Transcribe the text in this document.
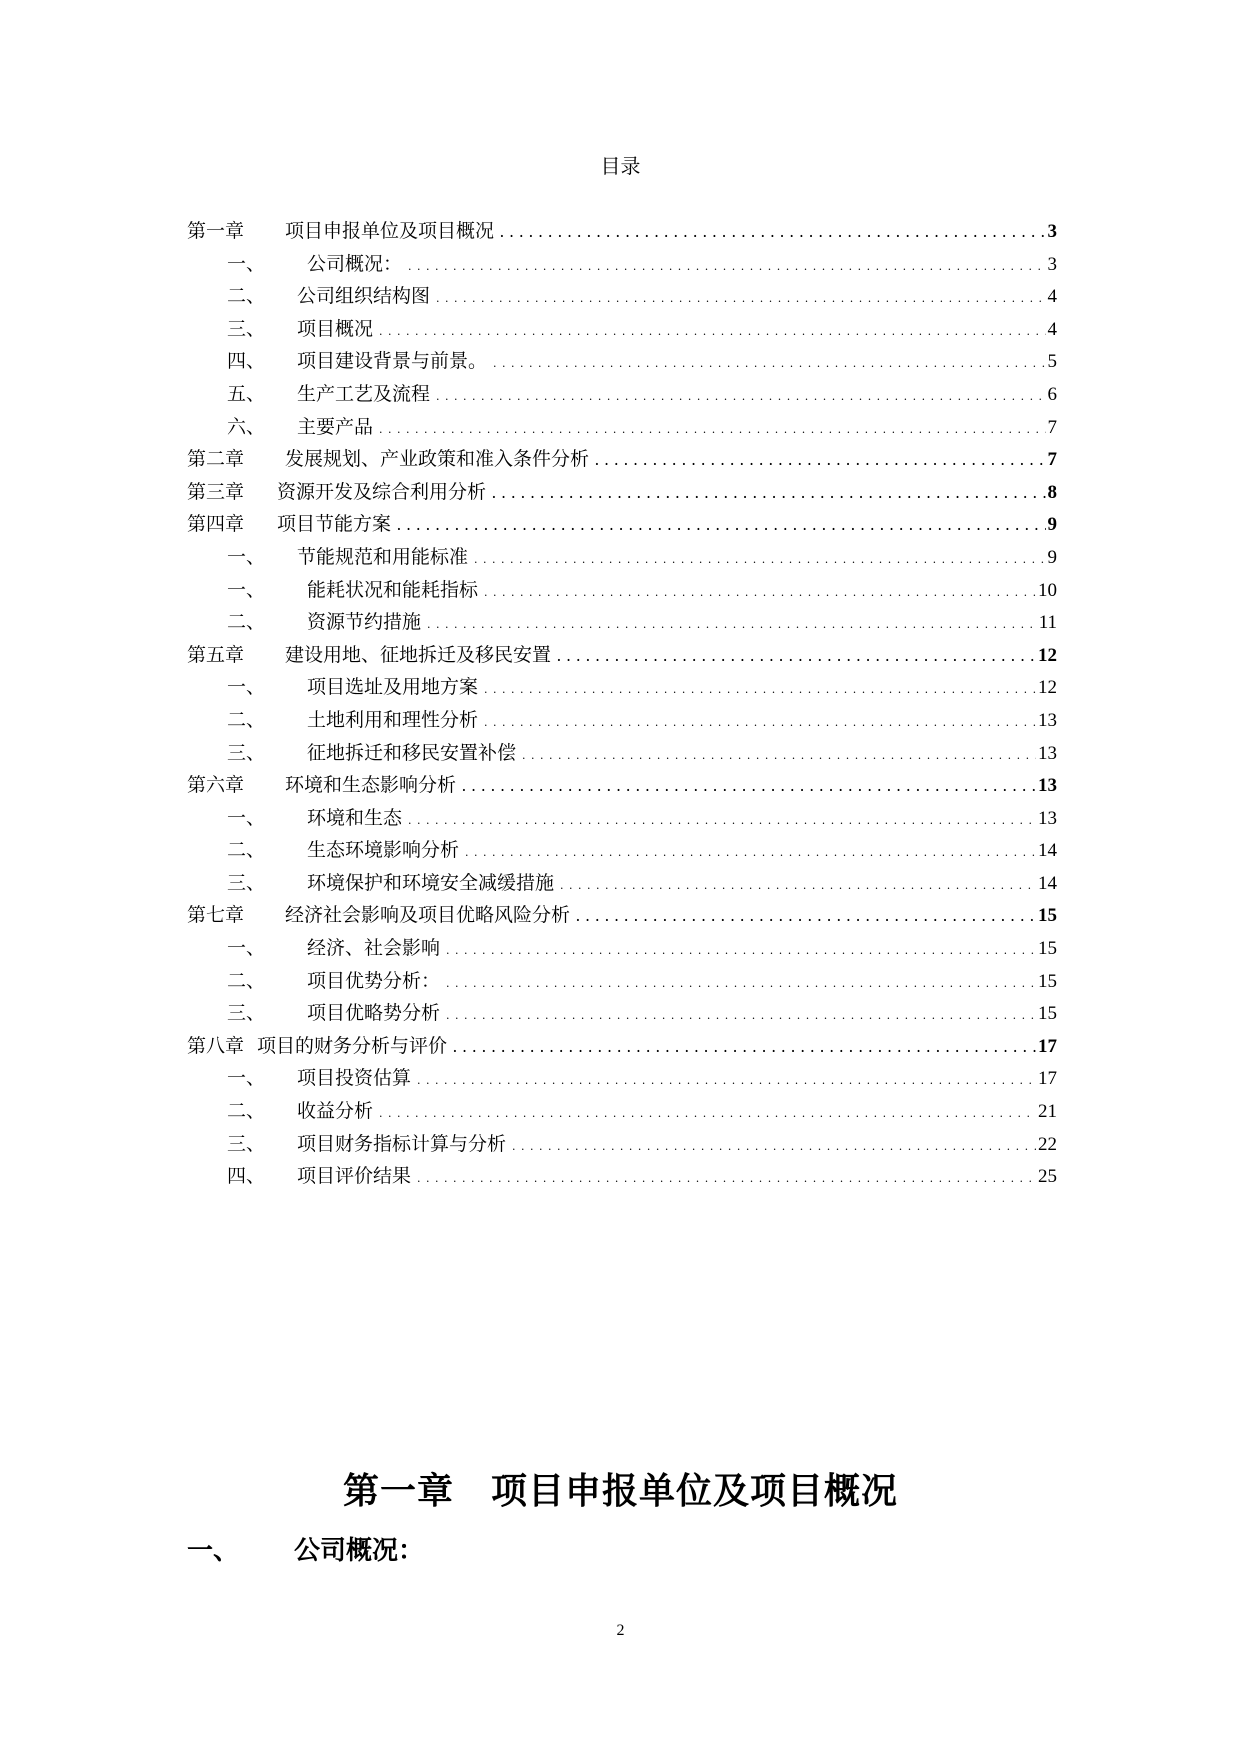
目录
第一章	项目申报单位及项目概况 . . .	3
一、	公司概况： . . .	3
二、	公司组织结构图 . . .	4
三、	项目概况 . . .	4
四、	项目建设背景与前景。 . . .	5
五、	生产工艺及流程 . . .	6
六、	主要产品 . . .	7
第二章	发展规划、产业政策和准入条件分析 . . .	7
第三章	资源开发及综合利用分析 . . .	8
第四章	项目节能方案 . . .	9
一、	节能规范和用能标准 . . .	9
一、	能耗状况和能耗指标 . . .	10
二、	资源节约措施 . . .	11
第五章	建设用地、征地拆迁及移民安置 . . .	12
一、	项目选址及用地方案 . . .	12
二、	土地利用和理性分析 . . .	13
三、	征地拆迁和移民安置补偿 . . .	13
第六章	环境和生态影响分析 . . .	13
一、	环境和生态 . . .	13
二、	生态环境影响分析 . . .	14
三、	环境保护和环境安全减缓措施 . . .	14
第七章	经济社会影响及项目优略风险分析 . . .	15
一、	经济、社会影响 . . .	15
二、	项目优势分析： . . .	15
三、	项目优略势分析 . . .	15
第八章 项目的财务分析与评价 . . .	17
一、	项目投资估算 . . .	17
二、	收益分析 . . .	21
三、	项目财务指标计算与分析 . . .	22
四、	项目评价结果 . . .	25
第一章　项目申报单位及项目概况
一、 公司概况：
2
